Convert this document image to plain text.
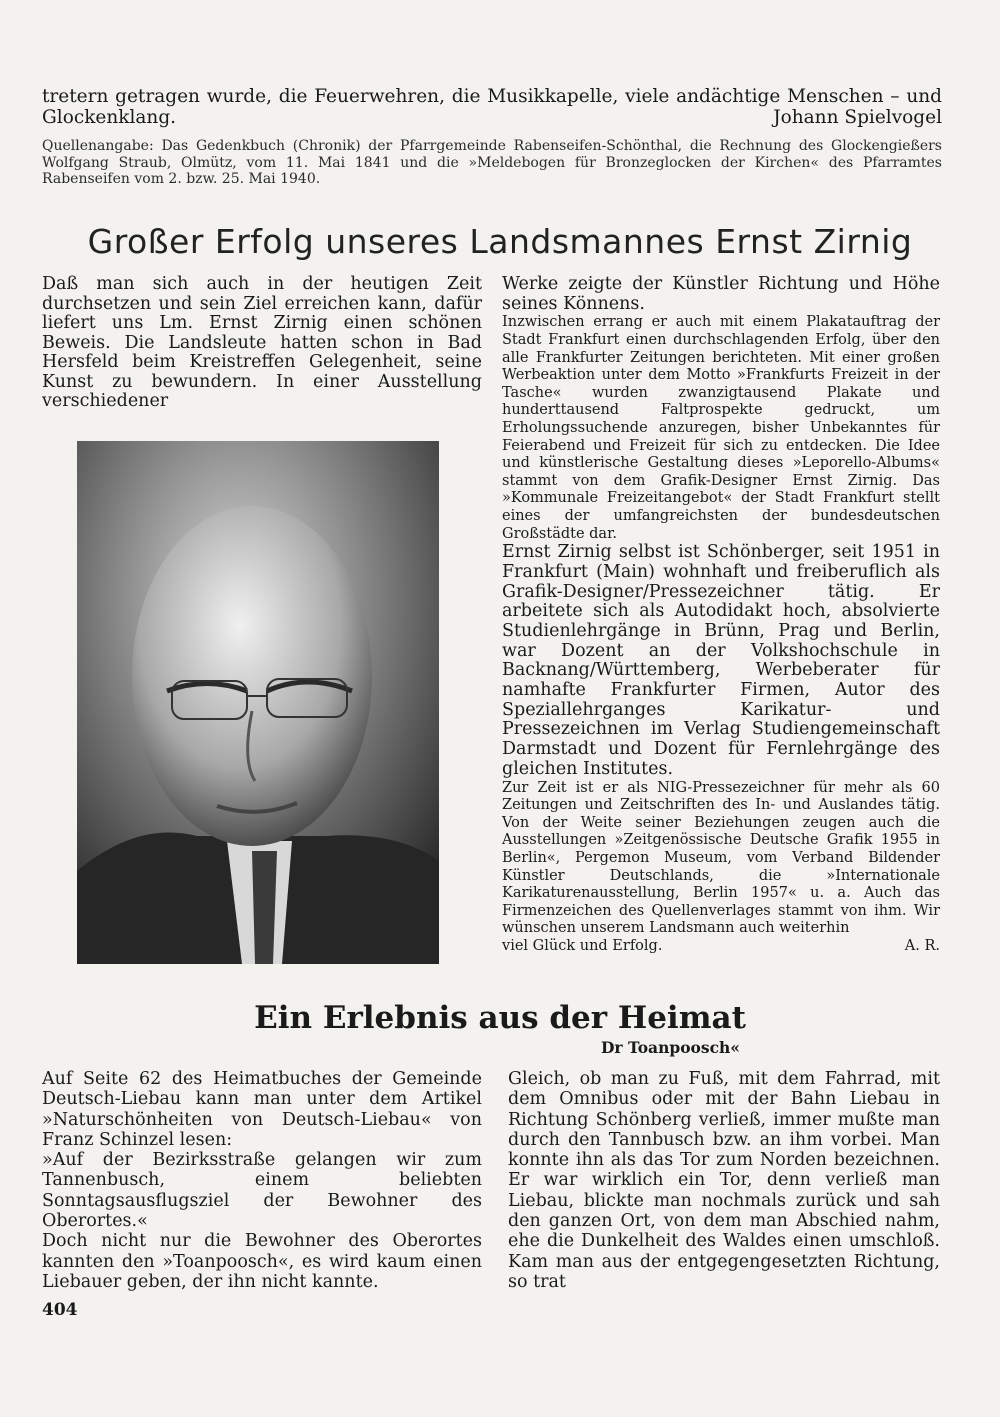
tretern getragen wurde, die Feuerwehren, die Musikkapelle, viele andächtige Menschen – und
Glockenklang.	Johann Spielvogel

Quellenangabe: Das Gedenkbuch (Chronik) der Pfarrgemeinde Rabenseifen-Schönthal, die Rechnung des Glockengießers Wolfgang Straub, Olmütz, vom 11. Mai 1841 und die »Meldebogen für Bronzeglocken der Kirchen« des Pfarramtes Rabenseifen vom 2. bzw. 25. Mai 1940.

Großer Erfolg unseres Landsmannes Ernst Zirnig

Daß man sich auch in der heutigen Zeit durchsetzen und sein Ziel erreichen kann, dafür liefert uns Lm. Ernst Zirnig einen schönen Beweis. Die Landsleute hatten schon in Bad Hersfeld beim Kreistreffen Gelegenheit, seine Kunst zu bewundern. In einer Ausstellung verschiedener

Werke zeigte der Künstler Richtung und Höhe seines Könnens.

Inzwischen errang er auch mit einem Plakatauftrag der Stadt Frankfurt einen durchschlagenden Erfolg, über den alle Frankfurter Zeitungen berichteten. Mit einer großen Werbeaktion unter dem Motto »Frankfurts Freizeit in der Tasche« wurden zwanzigtausend Plakate und hunderttausend Faltprospekte gedruckt, um Erholungssuchende anzuregen, bisher Unbekanntes für Feierabend und Freizeit für sich zu entdecken. Die Idee und künstlerische Gestaltung dieses »Leporello-Albums« stammt von dem Grafik-Designer Ernst Zirnig. Das »Kommunale Freizeitangebot« der Stadt Frankfurt stellt eines der umfangreichsten der bundesdeutschen Großstädte dar.

Ernst Zirnig selbst ist Schönberger, seit 1951 in Frankfurt (Main) wohnhaft und freiberuflich als Grafik-Designer/Pressezeichner tätig. Er arbeitete sich als Autodidakt hoch, absolvierte Studienlehrgänge in Brünn, Prag und Berlin, war Dozent an der Volkshochschule in Backnang/Württemberg, Werbeberater für namhafte Frankfurter Firmen, Autor des Speziallehrganges Karikatur- und Pressezeichnen im Verlag Studiengemeinschaft Darmstadt und Dozent für Fernlehrgänge des gleichen Institutes.

Zur Zeit ist er als NIG-Pressezeichner für mehr als 60 Zeitungen und Zeitschriften des In- und Auslandes tätig. Von der Weite seiner Beziehungen zeugen auch die Ausstellungen »Zeitgenössische Deutsche Grafik 1955 in Berlin«, Pergemon Museum, vom Verband Bildender Künstler Deutschlands, die »Internationale Karikaturenausstellung, Berlin 1957« u. a. Auch das Firmenzeichen des Quellenverlages stammt von ihm. Wir wünschen unserem Landsmann auch weiterhin

viel Glück und Erfolg.	A. R.
Ein Erlebnis aus der Heimat
Dr Toanpoosch«

Auf Seite 62 des Heimatbuches der Gemeinde Deutsch-Liebau kann man unter dem Artikel »Naturschönheiten von Deutsch-Liebau« von Franz Schinzel lesen:

»Auf der Bezirksstraße gelangen wir zum Tannenbusch, einem beliebten Sonntagsausflugsziel der Bewohner des Oberortes.«

Doch nicht nur die Bewohner des Oberortes kannten den »Toanpoosch«, es wird kaum einen Liebauer geben, der ihn nicht kannte.

Gleich, ob man zu Fuß, mit dem Fahrrad, mit dem Omnibus oder mit der Bahn Liebau in Richtung Schönberg verließ, immer mußte man durch den Tannbusch bzw. an ihm vorbei. Man konnte ihn als das Tor zum Norden bezeichnen. Er war wirklich ein Tor, denn verließ man Liebau, blickte man nochmals zurück und sah den ganzen Ort, von dem man Abschied nahm, ehe die Dunkelheit des Waldes einen umschloß. Kam man aus der entgegengesetzten Richtung, so trat

404
